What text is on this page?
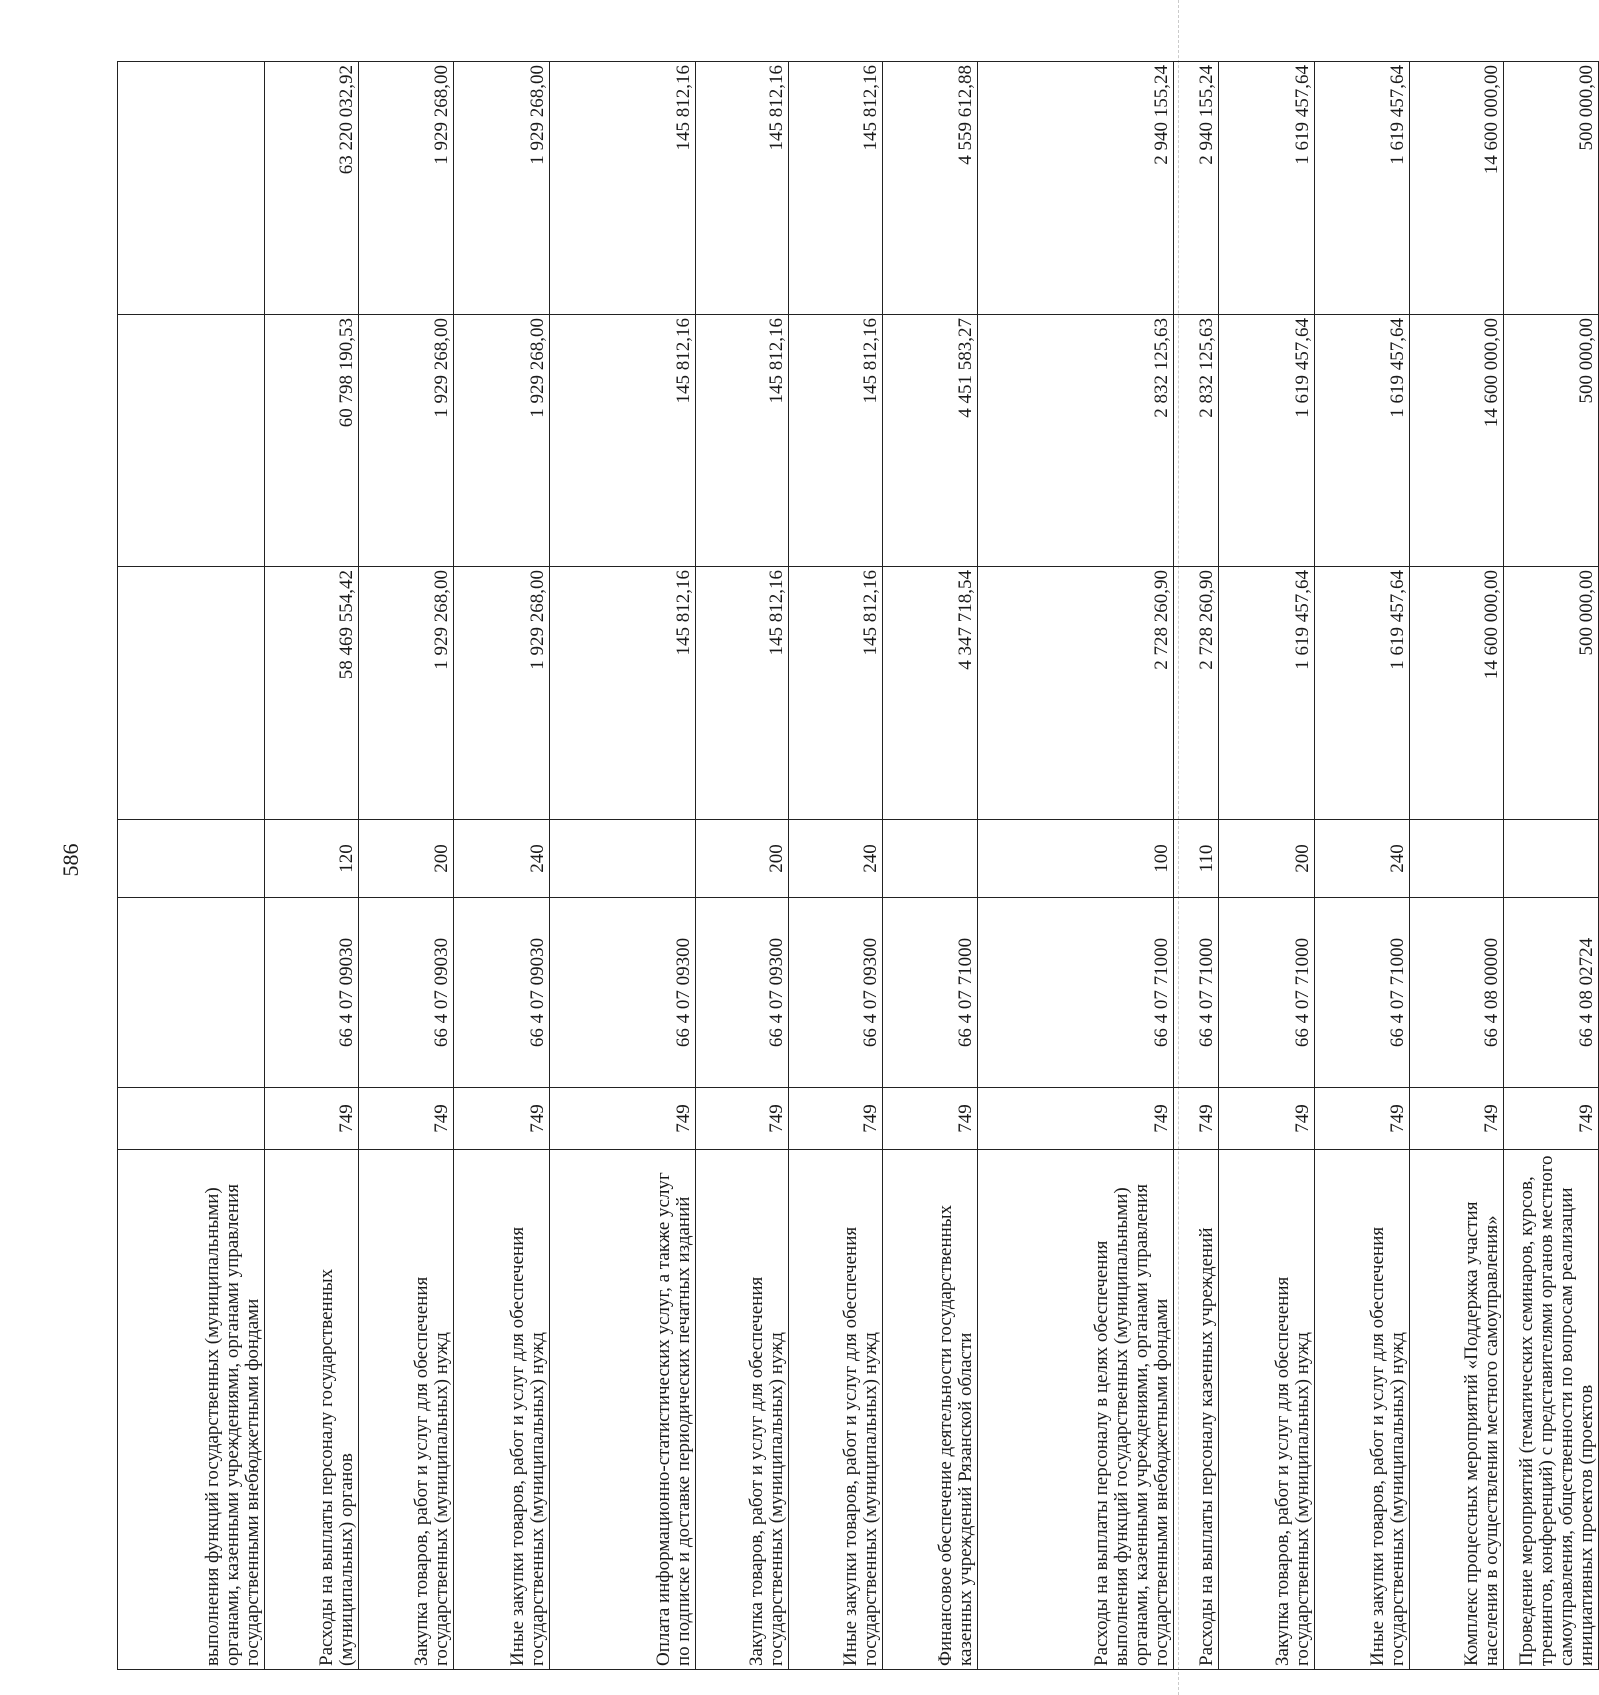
586
выполнения функций государственных (муниципальными) органами, казенными учреждениями, органами управления государственными внебюджетными фондами						
Расходы на выплаты персоналу государственных (муниципальных) органов	749	66 4 07 09030	120	58 469 554,42	60 798 190,53	63 220 032,92
Закупка товаров, работ и услуг для обеспечения государственных (муниципальных) нужд	749	66 4 07 09030	200	1 929 268,00	1 929 268,00	1 929 268,00
Иные закупки товаров, работ и услуг для обеспечения государственных (муниципальных) нужд	749	66 4 07 09030	240	1 929 268,00	1 929 268,00	1 929 268,00
Оплата информационно-статистических услуг, а также услуг по подписке и доставке периодических печатных изданий	749	66 4 07 09300		145 812,16	145 812,16	145 812,16
Закупка товаров, работ и услуг для обеспечения государственных (муниципальных) нужд	749	66 4 07 09300	200	145 812,16	145 812,16	145 812,16
Иные закупки товаров, работ и услуг для обеспечения государственных (муниципальных) нужд	749	66 4 07 09300	240	145 812,16	145 812,16	145 812,16
Финансовое обеспечение деятельности государственных казенных учреждений Рязанской области	749	66 4 07 71000		4 347 718,54	4 451 583,27	4 559 612,88
Расходы на выплаты персоналу в целях обеспечения выполнения функций государственных (муниципальными) органами, казенными учреждениями, органами управления государственными внебюджетными фондами	749	66 4 07 71000	100	2 728 260,90	2 832 125,63	2 940 155,24
Расходы на выплаты персоналу казенных учреждений	749	66 4 07 71000	110	2 728 260,90	2 832 125,63	2 940 155,24
Закупка товаров, работ и услуг для обеспечения государственных (муниципальных) нужд	749	66 4 07 71000	200	1 619 457,64	1 619 457,64	1 619 457,64
Иные закупки товаров, работ и услуг для обеспечения государственных (муниципальных) нужд	749	66 4 07 71000	240	1 619 457,64	1 619 457,64	1 619 457,64
Комплекс процессных мероприятий «Поддержка участия населения в осуществлении местного самоуправления»	749	66 4 08 00000		14 600 000,00	14 600 000,00	14 600 000,00
Проведение мероприятий (тематических семинаров, курсов, тренингов, конференций) с представителями органов местного самоуправления, общественности по вопросам реализации инициативных проектов (проектов	749	66 4 08 02724		500 000,00	500 000,00	500 000,00
